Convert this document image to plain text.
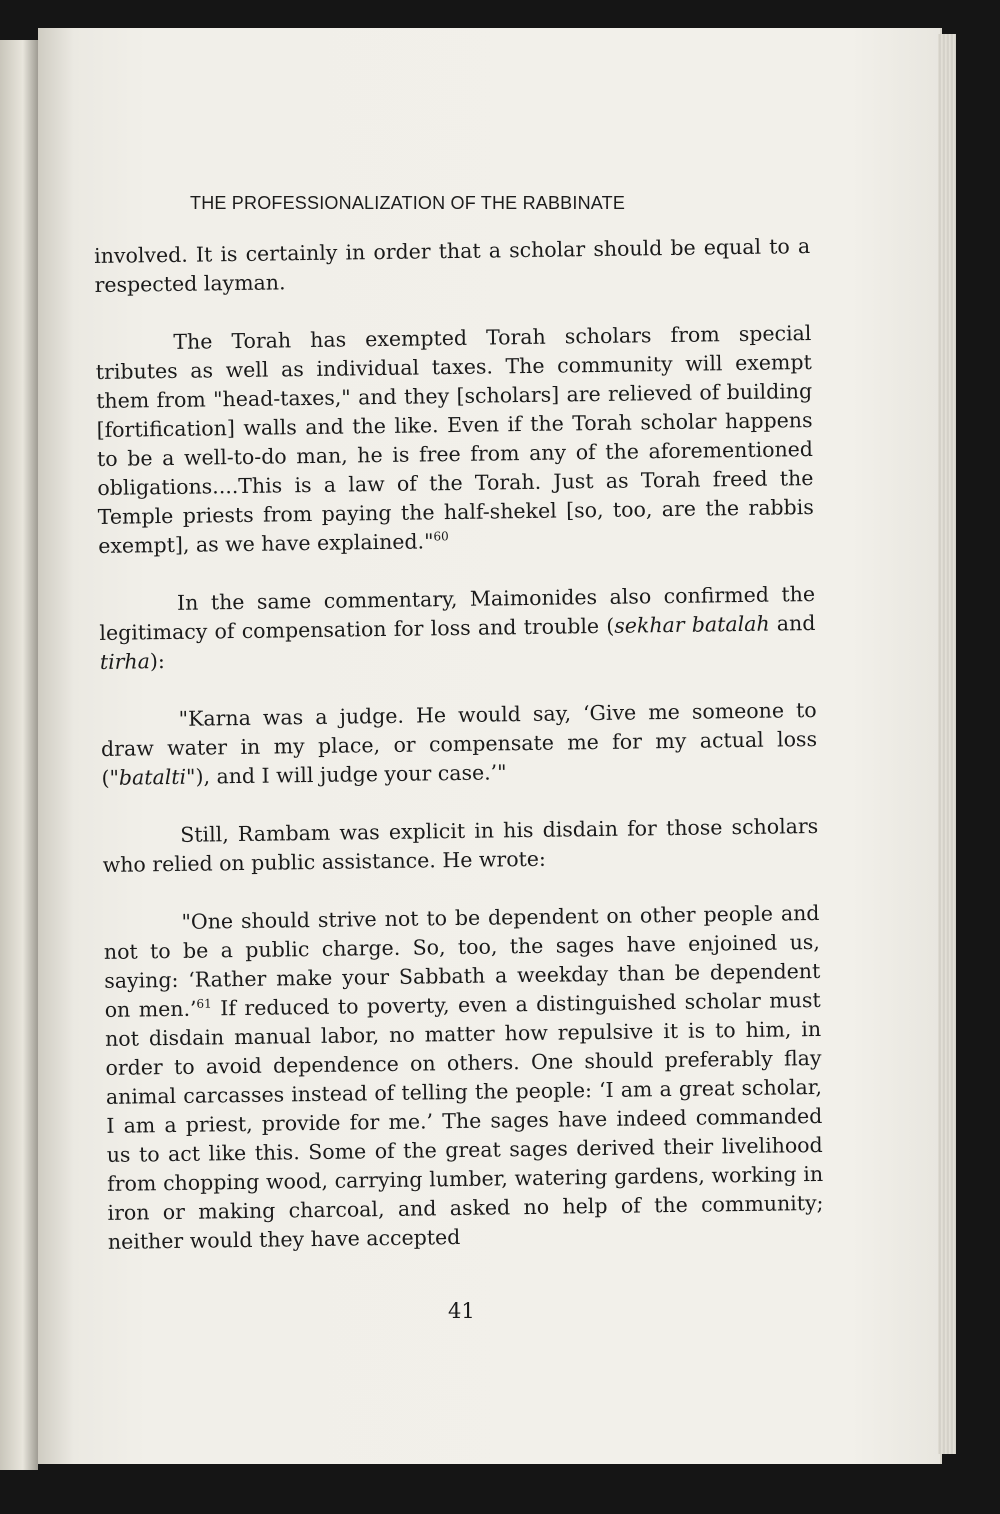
THE PROFESSIONALIZATION OF THE RABBINATE

involved. It is certainly in order that a scholar should be equal to a respected layman.

The Torah has exempted Torah scholars from special tributes as well as individual taxes. The community will exempt them from "head-taxes," and they [scholars] are relieved of building [fortification] walls and the like. Even if the Torah scholar happens to be a well-to-do man, he is free from any of the aforementioned obligations....This is a law of the Torah. Just as Torah freed the Temple priests from paying the half-shekel [so, too, are the rabbis exempt], as we have explained."$^{60}$

In the same commentary, Maimonides also confirmed the legitimacy of compensation for loss and trouble (sekhar batalah and tirha):

"Karna was a judge. He would say, ‘Give me someone to draw water in my place, or compensate me for my actual loss ("batalti"), and I will judge your case.’"

Still, Rambam was explicit in his disdain for those scholars who relied on public assistance. He wrote:

"One should strive not to be dependent on other people and not to be a public charge. So, too, the sages have enjoined us, saying: ‘Rather make your Sabbath a weekday than be dependent on men.’$^{61}$ If reduced to poverty, even a distinguished scholar must not disdain manual labor, no matter how repulsive it is to him, in order to avoid dependence on others. One should preferably flay animal carcasses instead of telling the people: ‘I am a great scholar, I am a priest, provide for me.’ The sages have indeed commanded us to act like this. Some of the great sages derived their livelihood from chopping wood, carrying lumber, watering gardens, working in iron or making charcoal, and asked no help of the community; neither would they have accepted

41
